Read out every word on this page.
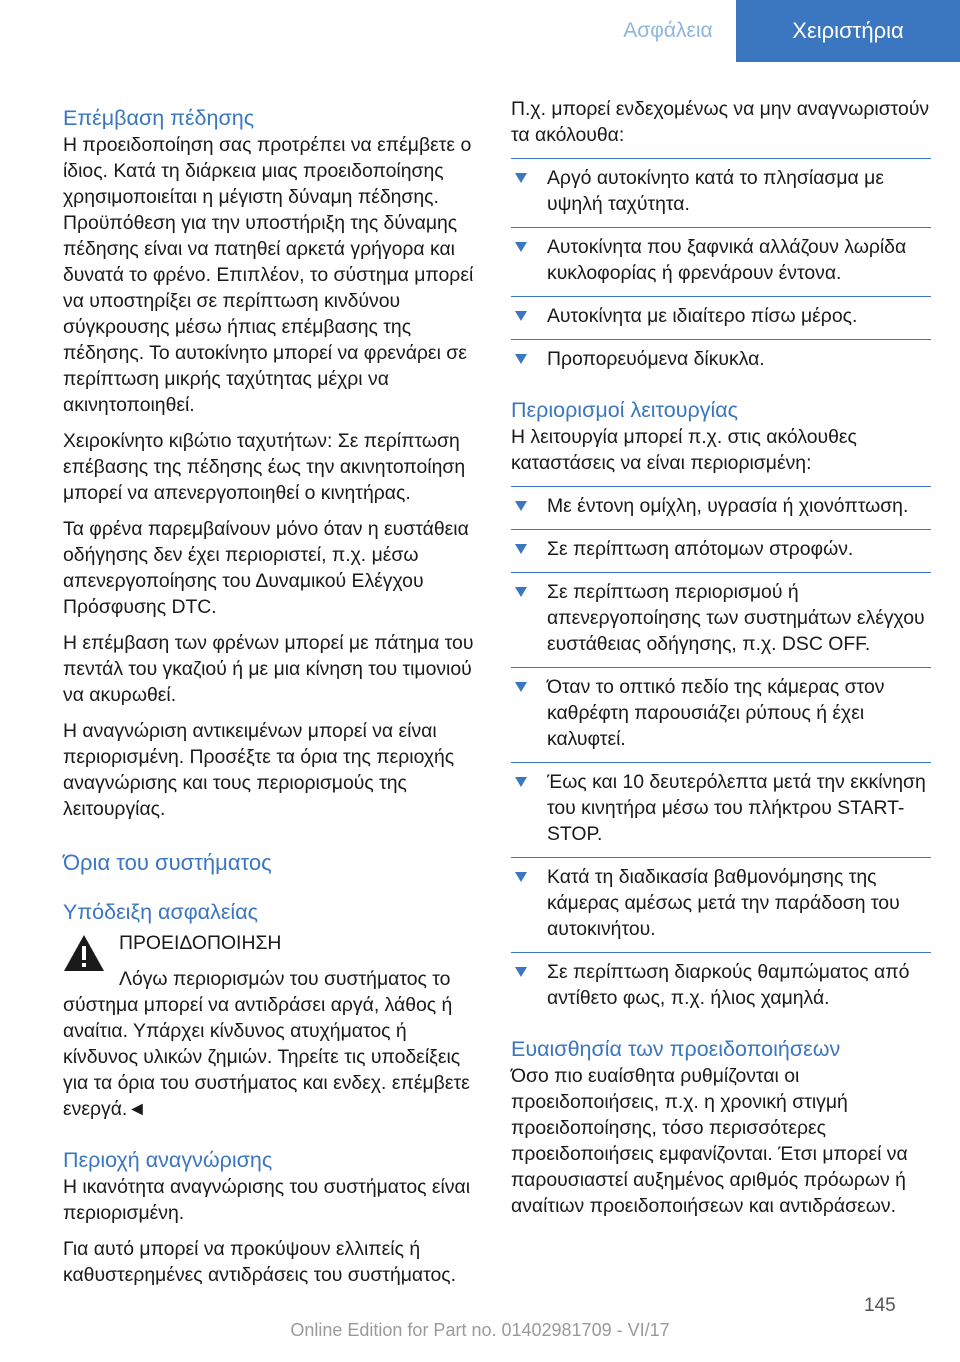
Ασφάλεια	Χειριστήρια
Επέμβαση πέδησης

Η προειδοποίηση σας προτρέπει να επέμβετε ο ίδιος. Κατά τη διάρκεια μιας προειδοποίησης χρησιμοποιείται η μέγιστη δύναμη πέδησης. Προϋπόθεση για την υποστήριξη της δύναμης πέδησης είναι να πατηθεί αρκετά γρήγορα και δυνατά το φρένο. Επιπλέον, το σύστημα μπορεί να υποστηρίξει σε περίπτωση κινδύνου σύγκρουσης μέσω ήπιας επέμβασης της πέδησης. Το αυτοκίνητο μπορεί να φρενάρει σε περίπτωση μικρής ταχύτητας μέχρι να ακινητοποιηθεί.

Χειροκίνητο κιβώτιο ταχυτήτων: Σε περίπτωση επέβασης της πέδησης έως την ακινητοποίηση μπορεί να απενεργοποιηθεί ο κινητήρας.

Τα φρένα παρεμβαίνουν μόνο όταν η ευστάθεια οδήγησης δεν έχει περιοριστεί, π.χ. μέσω απενεργοποίησης του Δυναμικού Ελέγχου Πρόσφυσης DTC.

Η επέμβαση των φρένων μπορεί με πάτημα του πεντάλ του γκαζιού ή με μια κίνηση του τιμονιού να ακυρωθεί.

Η αναγνώριση αντικειμένων μπορεί να είναι περιορισμένη. Προσέξτε τα όρια της περιοχής αναγνώρισης και τους περιορισμούς της λειτουργίας.

Όρια του συστήματος
Υπόδειξη ασφαλείας

ΠΡΟΕΙΔΟΠΟΙΗΣΗ

Λόγω περιορισμών του συστήματος το
σύστημα μπορεί να αντιδράσει αργά, λάθος ή αναίτια. Υπάρχει κίνδυνος ατυχήματος ή κίνδυνος υλικών ζημιών. Τηρείτε τις υποδείξεις για τα όρια του συστήματος και ενδεχ. επέμβετε ενεργά.◄

Περιοχή αναγνώρισης

Η ικανότητα αναγνώρισης του συστήματος είναι περιορισμένη.

Για αυτό μπορεί να προκύψουν ελλιπείς ή καθυστερημένες αντιδράσεις του συστήματος.

Π.χ. μπορεί ενδεχομένως να μην αναγνωριστούν τα ακόλουθα:

Αργό αυτοκίνητο κατά το πλησίασμα με υψηλή ταχύτητα.
Αυτοκίνητα που ξαφνικά αλλάζουν λωρίδα κυκλοφορίας ή φρενάρουν έντονα.
Αυτοκίνητα με ιδιαίτερο πίσω μέρος.
Προπορευόμενα δίκυκλα.
Περιορισμοί λειτουργίας

Η λειτουργία μπορεί π.χ. στις ακόλουθες καταστάσεις να είναι περιορισμένη:

Με έντονη ομίχλη, υγρασία ή χιονόπτωση.
Σε περίπτωση απότομων στροφών.
Σε περίπτωση περιορισμού ή απενεργοποίησης των συστημάτων ελέγχου ευστάθειας οδήγησης, π.χ. DSC OFF.
Όταν το οπτικό πεδίο της κάμερας στον καθρέφτη παρουσιάζει ρύπους ή έχει καλυφτεί.
Έως και 10 δευτερόλεπτα μετά την εκκίνηση του κινητήρα μέσω του πλήκτρου START-STOP.
Κατά τη διαδικασία βαθμονόμησης της κάμερας αμέσως μετά την παράδοση του αυτοκινήτου.
Σε περίπτωση διαρκούς θαμπώματος από αντίθετο φως, π.χ. ήλιος χαμηλά.
Ευαισθησία των προειδοποιήσεων

Όσο πιο ευαίσθητα ρυθμίζονται οι προειδοποιήσεις, π.χ. η χρονική στιγμή προειδοποίησης, τόσο περισσότερες προειδοποιήσεις εμφανίζονται. Έτσι μπορεί να παρουσιαστεί αυξημένος αριθμός πρόωρων ή αναίτιων προειδοποιήσεων και αντιδράσεων.

145
Online Edition for Part no. 01402981709 - VI/17
